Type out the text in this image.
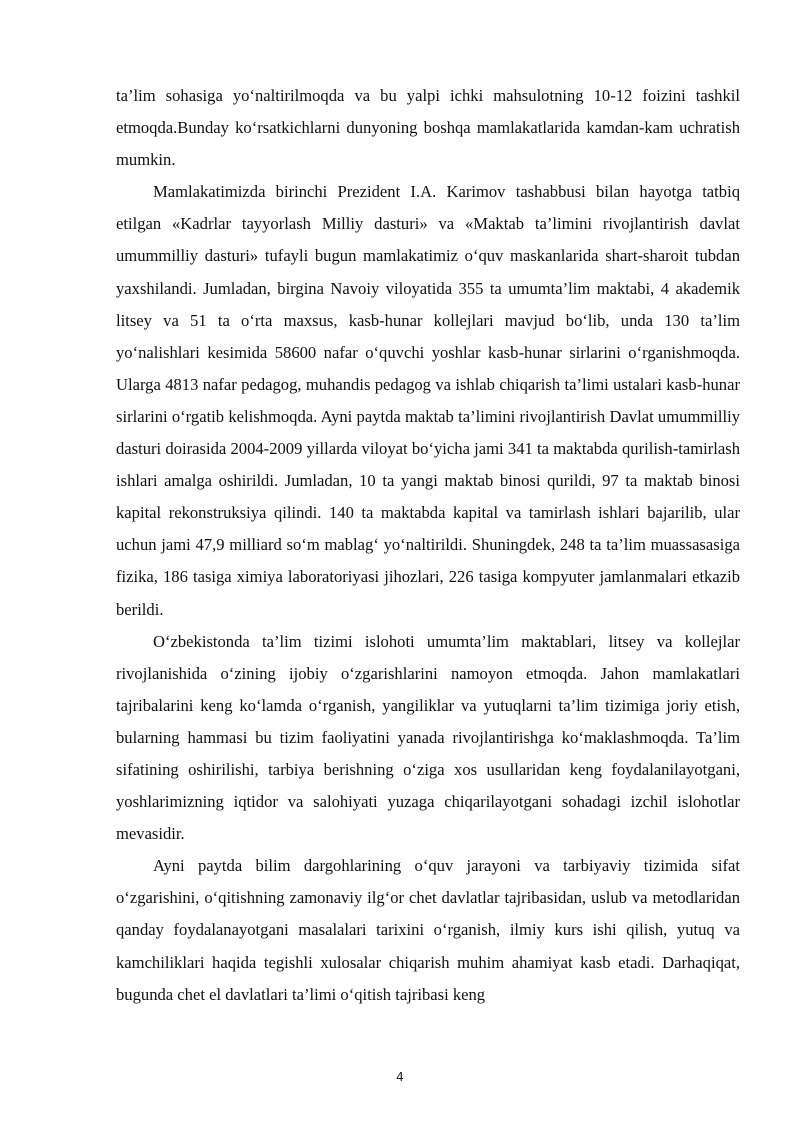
ta’lim sohasiga yo‘naltirilmoqda va bu yalpi ichki mahsulotning 10-12 foizini tashkil etmoqda.Bunday ko‘rsatkichlarni dunyoning boshqa mamlakatlarida kamdan-kam uchratish mumkin.

Mamlakatimizda birinchi Prezident I.A. Karimov tashabbusi bilan hayotga tatbiq etilgan «Kadrlar tayyorlash Milliy dasturi» va «Maktab ta’limini rivojlantirish davlat umummilliy dasturi» tufayli bugun mamlakatimiz o‘quv maskanlarida shart-sharoit tubdan yaxshilandi. Jumladan, birgina Navoiy viloyatida 355 ta umumta’lim maktabi, 4 akademik litsey va 51 ta o‘rta maxsus, kasb-hunar kollejlari mavjud bo‘lib, unda 130 ta’lim yo‘nalishlari kesimida 58600 nafar o‘quvchi yoshlar kasb-hunar sirlarini o‘rganishmoqda. Ularga 4813 nafar pedagog, muhandis pedagog va ishlab chiqarish ta’limi ustalari kasb-hunar sirlarini o‘rgatib kelishmoqda. Ayni paytda maktab ta’limini rivojlantirish Davlat umummilliy dasturi doirasida 2004-2009 yillarda viloyat bo‘yicha jami 341 ta maktabda qurilish-tamirlash ishlari amalga oshirildi. Jumladan, 10 ta yangi maktab binosi qurildi, 97 ta maktab binosi kapital rekonstruksiya qilindi. 140 ta maktabda kapital va tamirlash ishlari bajarilib, ular uchun jami 47,9 milliard so‘m mablag‘ yo‘naltirildi. Shuningdek, 248 ta ta’lim muassasasiga fizika, 186 tasiga ximiya laboratoriyasi jihozlari, 226 tasiga kompyuter jamlanmalari etkazib berildi.

O‘zbekistonda ta’lim tizimi islohoti umumta’lim maktablari, litsey va kollejlar rivojlanishida o‘zining ijobiy o‘zgarishlarini namoyon etmoqda. Jahon mamlakatlari tajribalarini keng ko‘lamda o‘rganish, yangiliklar va yutuqlarni ta’lim tizimiga joriy etish, bularning hammasi bu tizim faoliyatini yanada rivojlantirishga ko‘maklashmoqda. Ta’lim sifatining oshirilishi, tarbiya berishning o‘ziga xos usullaridan keng foydalanilayotgani, yoshlarimizning iqtidor va salohiyati yuzaga chiqarilayotgani sohadagi izchil islohotlar mevasidir.

Ayni paytda bilim dargohlarining o‘quv jarayoni va tarbiyaviy tizimida sifat o‘zgarishini, o‘qitishning zamonaviy ilg‘or chet davlatlar tajribasidan, uslub va metodlaridan qanday foydalanayotgani masalalari tarixini o‘rganish, ilmiy kurs ishi qilish, yutuq va kamchiliklari haqida tegishli xulosalar chiqarish muhim ahamiyat kasb etadi. Darhaqiqat, bugunda chet el davlatlari ta’limi o‘qitish tajribasi keng

4
